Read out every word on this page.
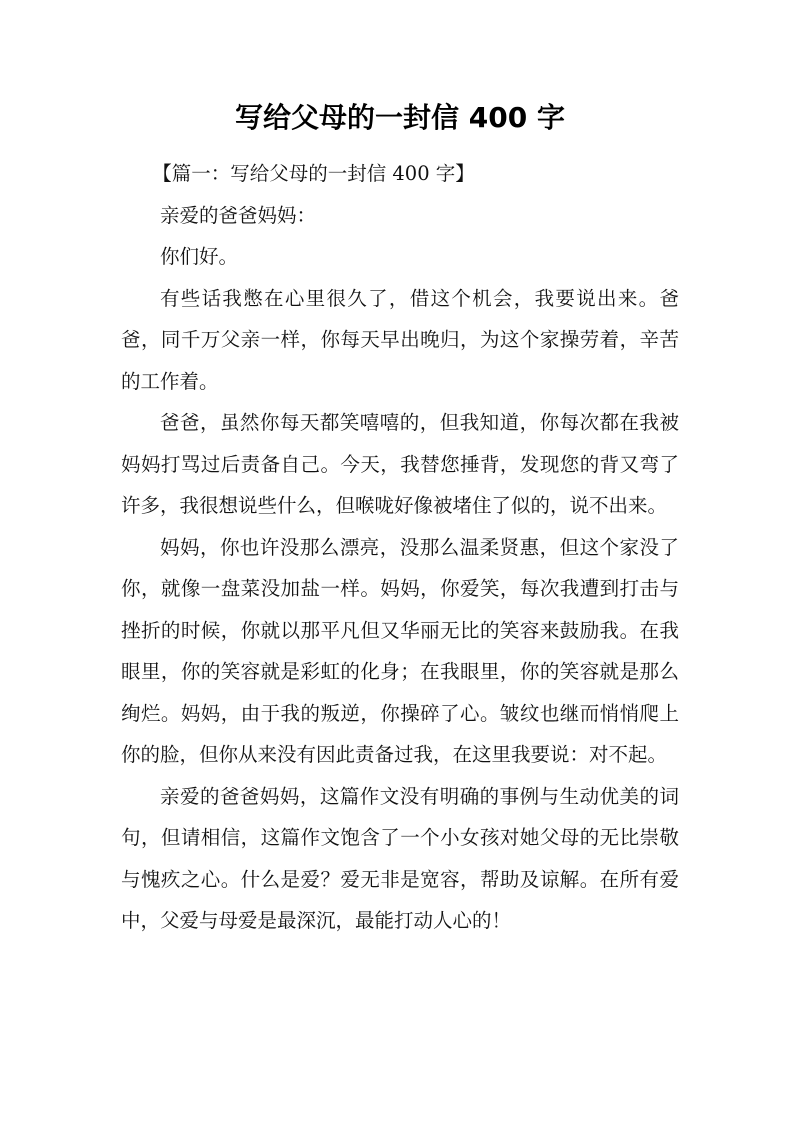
写给父母的一封信 400 字

【篇一：写给父母的一封信 400 字】

亲爱的爸爸妈妈：

你们好。

有些话我憋在心里很久了，借这个机会，我要说出来。爸爸，同千万父亲一样，你每天早出晚归，为这个家操劳着，辛苦的工作着。

爸爸，虽然你每天都笑嘻嘻的，但我知道，你每次都在我被妈妈打骂过后责备自己。今天，我替您捶背，发现您的背又弯了许多，我很想说些什么，但喉咙好像被堵住了似的，说不出来。

妈妈，你也许没那么漂亮，没那么温柔贤惠，但这个家没了你，就像一盘菜没加盐一样。妈妈，你爱笑，每次我遭到打击与挫折的时候，你就以那平凡但又华丽无比的笑容来鼓励我。在我眼里，你的笑容就是彩虹的化身；在我眼里，你的笑容就是那么绚烂。妈妈，由于我的叛逆，你操碎了心。皱纹也继而悄悄爬上你的脸，但你从来没有因此责备过我，在这里我要说：对不起。

亲爱的爸爸妈妈，这篇作文没有明确的事例与生动优美的词句，但请相信，这篇作文饱含了一个小女孩对她父母的无比崇敬与愧疚之心。什么是爱？爱无非是宽容，帮助及谅解。在所有爱中，父爱与母爱是最深沉，最能打动人心的！
